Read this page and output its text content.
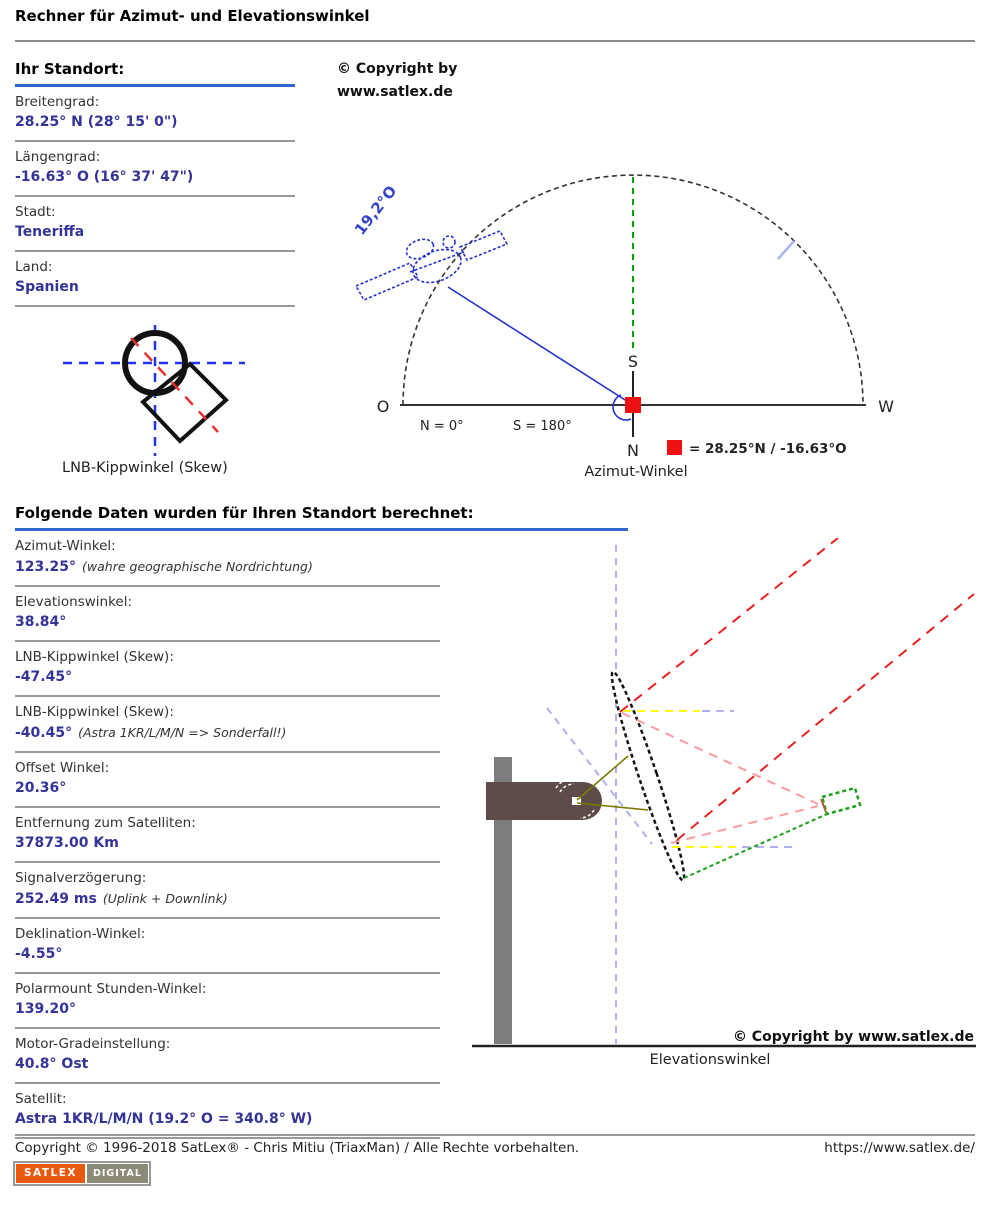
Rechner für Azimut- und Elevationswinkel
Ihr Standort:
Breitengrad:
28.25° N (28° 15' 0")
Längengrad:
-16.63° O (16° 37' 47")
Stadt:
Teneriffa
Land:
Spanien
LNB-Kippwinkel (Skew)
© Copyright by
www.satlex.de
19,2°O
O	W
S
N
N = 0°	S = 180°
= 28.25°N / -16.63°O
Azimut-Winkel
Folgende Daten wurden für Ihren Standort berechnet:
Azimut-Winkel:
123.25° (wahre geographische Nordrichtung)
Elevationswinkel:
38.84°
LNB-Kippwinkel (Skew):
-47.45°
LNB-Kippwinkel (Skew):
-40.45° (Astra 1KR/L/M/N => Sonderfall!)
Offset Winkel:
20.36°
Entfernung zum Satelliten:
37873.00 Km
Signalverzögerung:
252.49 ms (Uplink + Downlink)
Deklination-Winkel:
-4.55°
Polarmount Stunden-Winkel:
139.20°
Motor-Gradeinstellung:
40.8° Ost
Satellit:
Astra 1KR/L/M/N (19.2° O = 340.8° W)
© Copyright by www.satlex.de
Elevationswinkel
Copyright © 1996-2018 SatLex® - Chris Mitiu (TriaxMan) / Alle Rechte vorbehalten.	https://www.satlex.de/
SATLEX	DIGITAL
